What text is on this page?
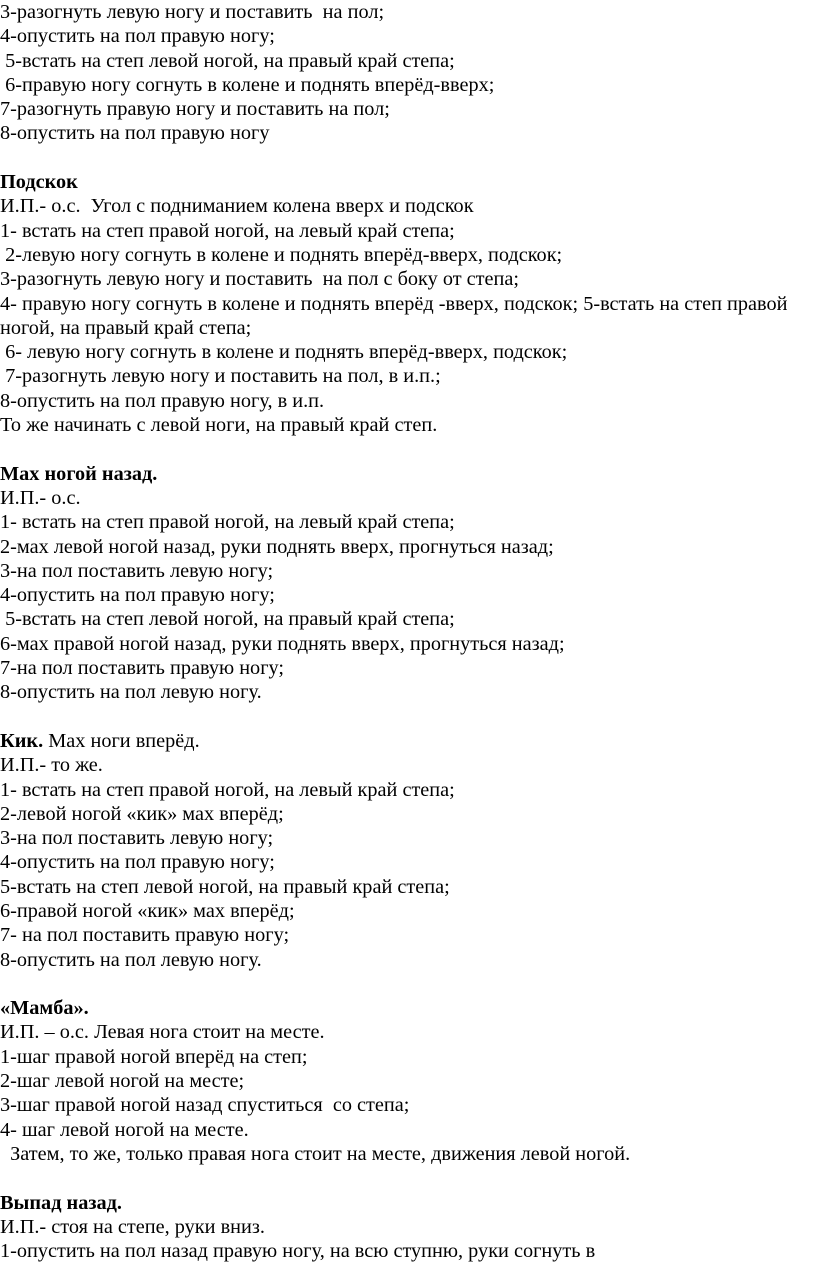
3-разогнуть левую ногу и поставить  на пол;

4-опустить на пол правую ногу;

5-встать на степ левой ногой, на правый край степа;

6-правую ногу согнуть в колене и поднять вперёд-вверх;

7-разогнуть правую ногу и поставить на пол;

8-опустить на пол правую ногу

Подскок

И.П.- о.с.  Угол с подниманием колена вверх и подскок

1- встать на степ правой ногой, на левый край степа;

2-левую ногу согнуть в колене и поднять вперёд-вверх, подскок;

3-разогнуть левую ногу и поставить  на пол с боку от степа;

4- правую ногу согнуть в колене и поднять вперёд -вверх, подскок; 5-встать на степ правой

ногой, на правый край степа;

6- левую ногу согнуть в колене и поднять вперёд-вверх, подскок;

7-разогнуть левую ногу и поставить на пол, в и.п.;

8-опустить на пол правую ногу, в и.п.

То же начинать с левой ноги, на правый край степ.

Мах ногой назад.

И.П.- о.с.

1- встать на степ правой ногой, на левый край степа;

2-мах левой ногой назад, руки поднять вверх, прогнуться назад;

3-на пол поставить левую ногу;

4-опустить на пол правую ногу;

5-встать на степ левой ногой, на правый край степа;

6-мах правой ногой назад, руки поднять вверх, прогнуться назад;

7-на пол поставить правую ногу;

8-опустить на пол левую ногу.

Кик. Мах ноги вперёд.

И.П.- то же.

1- встать на степ правой ногой, на левый край степа;

2-левой ногой «кик» мах вперёд;

3-на пол поставить левую ногу;

4-опустить на пол правую ногу;

5-встать на степ левой ногой, на правый край степа;

6-правой ногой «кик» мах вперёд;

7- на пол поставить правую ногу;

8-опустить на пол левую ногу.

«Мамба».

И.П. – о.с. Левая нога стоит на месте.

1-шаг правой ногой вперёд на степ;

2-шаг левой ногой на месте;

3-шаг правой ногой назад спуститься  со степа;

4- шаг левой ногой на месте.

Затем, то же, только правая нога стоит на месте, движения левой ногой.

Выпад назад.

И.П.- стоя на степе, руки вниз.

1-опустить на пол назад правую ногу, на всю ступню, руки согнуть в
